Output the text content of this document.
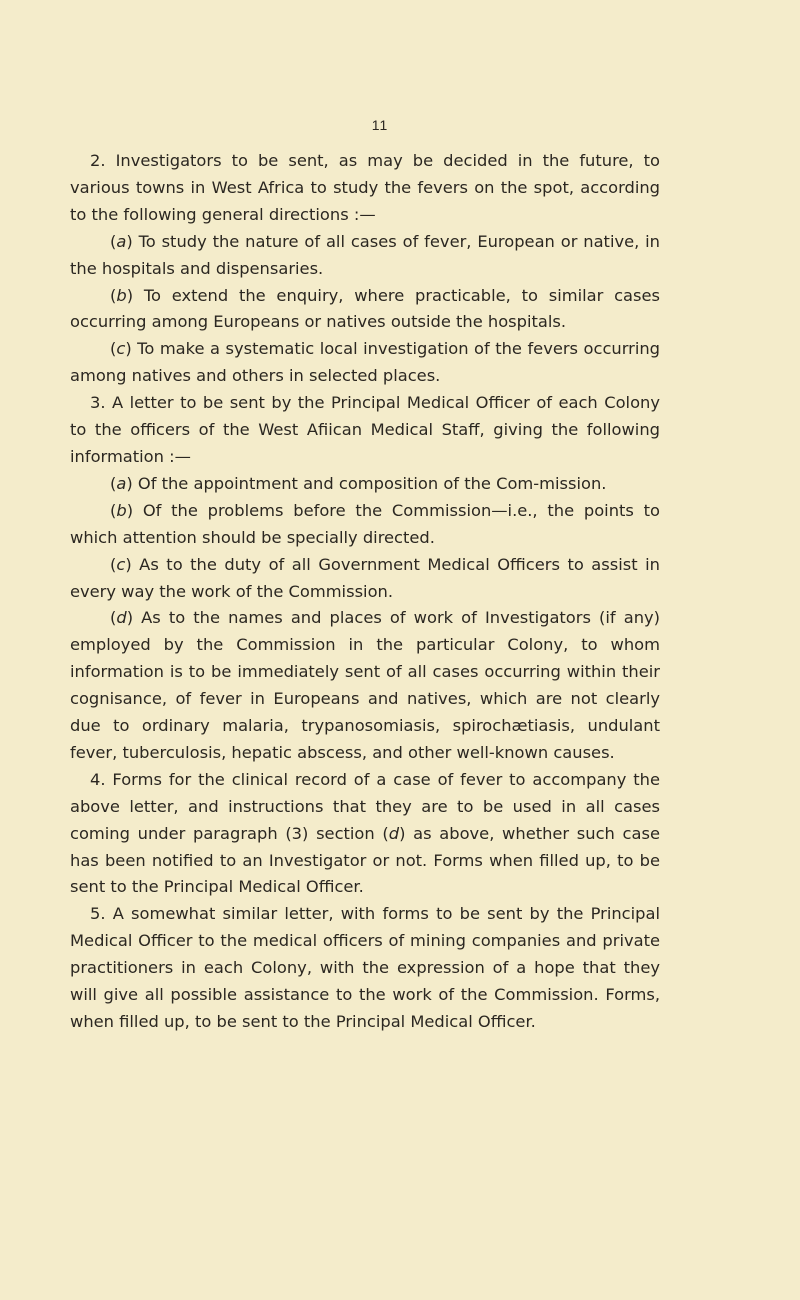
11

2. Investigators to be sent, as may be decided in the future, to various towns in West Africa to study the fevers on the spot, according to the following general directions :—

(a) To study the nature of all cases of fever, European or native, in the hospitals and dispensaries.

(b) To extend the enquiry, where practicable, to similar cases occurring among Europeans or natives outside the hospitals.

(c) To make a systematic local investigation of the fevers occurring among natives and others in selected places.

3. A letter to be sent by the Principal Medical Officer of each Colony to the officers of the West Afiican Medical Staff, giving the following information :—

(a) Of the appointment and composition of the Com-mission.

(b) Of the problems before the Commission—i.e., the points to which attention should be specially directed.

(c) As to the duty of all Government Medical Officers to assist in every way the work of the Commission.

(d) As to the names and places of work of Investigators (if any) employed by the Commission in the particular Colony, to whom information is to be immediately sent of all cases occurring within their cognisance, of fever in Europeans and natives, which are not clearly due to ordinary malaria, trypanosomiasis, spirochætiasis, undulant fever, tuberculosis, hepatic abscess, and other well-known causes.

4. Forms for the clinical record of a case of fever to accompany the above letter, and instructions that they are to be used in all cases coming under paragraph (3) section (d) as above, whether such case has been notified to an Investigator or not. Forms when filled up, to be sent to the Principal Medical Officer.

5. A somewhat similar letter, with forms to be sent by the Principal Medical Officer to the medical officers of mining companies and private practitioners in each Colony, with the expression of a hope that they will give all possible assistance to the work of the Commission. Forms, when filled up, to be sent to the Principal Medical Officer.
